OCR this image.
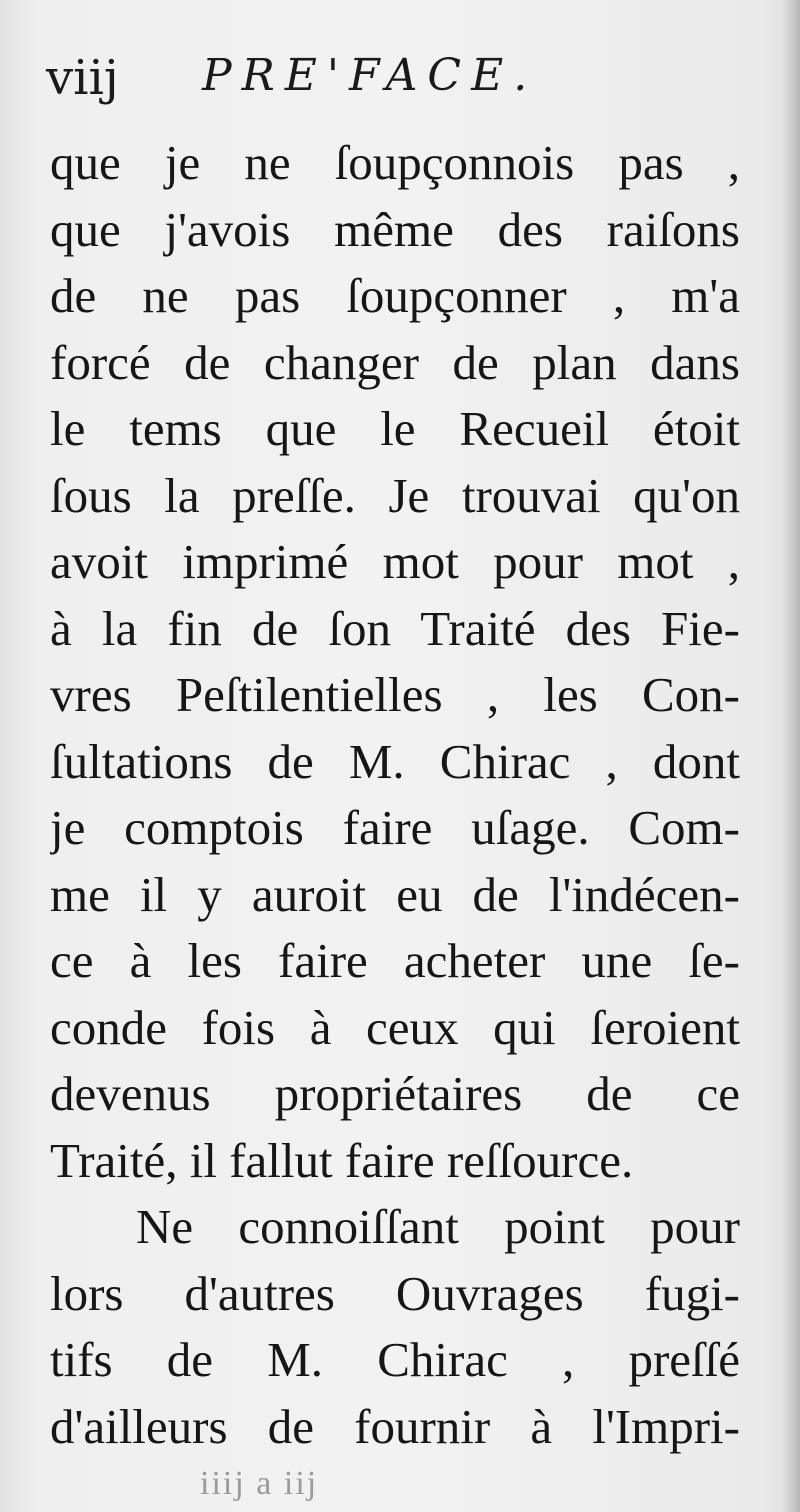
viij PRE'FACE.
que je ne ſoupçonnois pas ,
que j'avois même des raiſons
de ne pas ſoupçonner , m'a
forcé de changer de plan dans
le tems que le Recueil étoit
ſous la preſſe. Je trouvai qu'on
avoit imprimé mot pour mot ,
à la fin de ſon Traité des Fie-
vres Peſtilentielles , les Con-
ſultations de M. Chirac , dont
je comptois faire uſage. Com-
me il y auroit eu de l'indécen-
ce à les faire acheter une ſe-
conde fois à ceux qui ſeroient
devenus propriétaires de ce
Traité, il fallut faire reſſource.
Ne connoiſſant point pour
lors d'autres Ouvrages fugi-
tifs de M. Chirac , preſſé
d'ailleurs de fournir à l'Impri-
iiij a iij
